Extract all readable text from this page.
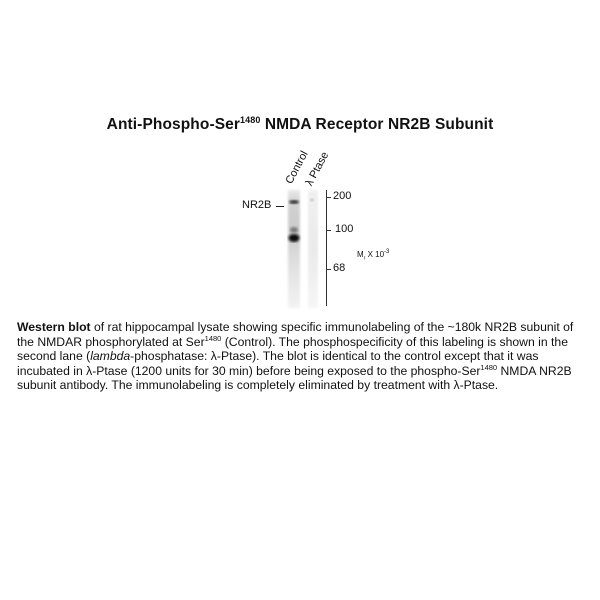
Anti-Phospho-Ser$^{1480}$ NMDA Receptor NR2B Subunit
Control
λ Ptase
NR2B
200
100
68
$M_r$ X $10^{-3}$
Western blot of rat hippocampal lysate showing specific immunolabeling of the ~180k NR2B subunit of the NMDAR phosphorylated at Ser$^{1480}$ (Control). The phosphospecificity of this labeling is shown in the second lane (lambda-phosphatase: λ-Ptase). The blot is identical to the control except that it was incubated in λ-Ptase (1200 units for 30 min) before being exposed to the phospho-Ser$^{1480}$ NMDA NR2B subunit antibody. The immunolabeling is completely eliminated by treatment with λ-Ptase.
